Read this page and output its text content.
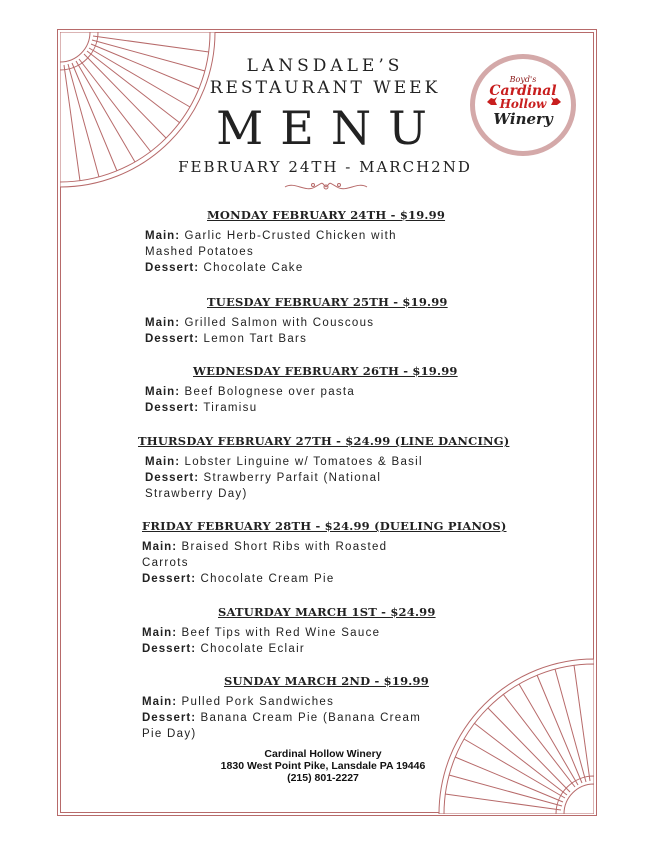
LANSDALE’S

RESTAURANT WEEK

MENU

FEBRUARY 24TH - MARCH2ND

Boyd's
Cardinal
Hollow
Winery
MONDAY FEBRUARY 24TH - $19.99
Main: Garlic Herb-Crusted Chicken with
Mashed Potatoes
Dessert: Chocolate Cake
TUESDAY FEBRUARY 25TH - $19.99
Main: Grilled Salmon with Couscous
Dessert: Lemon Tart Bars
WEDNESDAY FEBRUARY 26TH - $19.99
Main: Beef Bolognese over pasta
Dessert: Tiramisu
THURSDAY FEBRUARY 27TH - $24.99 (LINE DANCING)
Main: Lobster Linguine w/ Tomatoes & Basil
Dessert: Strawberry Parfait (National
Strawberry Day)
FRIDAY FEBRUARY 28TH - $24.99 (DUELING PIANOS)
Main: Braised Short Ribs with Roasted
Carrots
Dessert: Chocolate Cream Pie
SATURDAY MARCH 1ST - $24.99
Main: Beef Tips with Red Wine Sauce
Dessert: Chocolate Eclair
SUNDAY MARCH 2ND - $19.99
Main: Pulled Pork Sandwiches
Dessert: Banana Cream Pie (Banana Cream
Pie Day)
Cardinal Hollow Winery
1830 West Point Pike, Lansdale PA 19446
(215) 801-2227
